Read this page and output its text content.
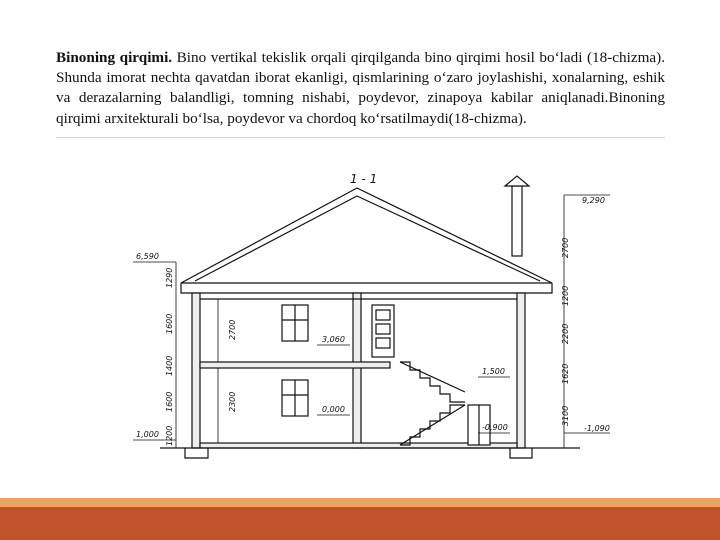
Binoning qirqimi. Bino vertikal tekislik orqali qirqilganda bino qirqimi hosil bo‘ladi (18-chizma). Shunda imorat nechta qavatdan iborat ekanligi, qismlarining o‘zaro joylashishi, xonalarning, eshik va derazalarning balandligi, tomning nishabi, poydevor, zinapoya kabilar aniqlanadi.Binoning qirqimi arxitekturali bo‘lsa, poydevor va chordoq ko‘rsatilmaydi(18-chizma).

1 - 1
6,590
1,000
1290
1600
1400
1600
1200
2700
2300
3,060
0,000
1,500
-0,900
9,290
-1,090
2700
1200
2200
1620
3100
